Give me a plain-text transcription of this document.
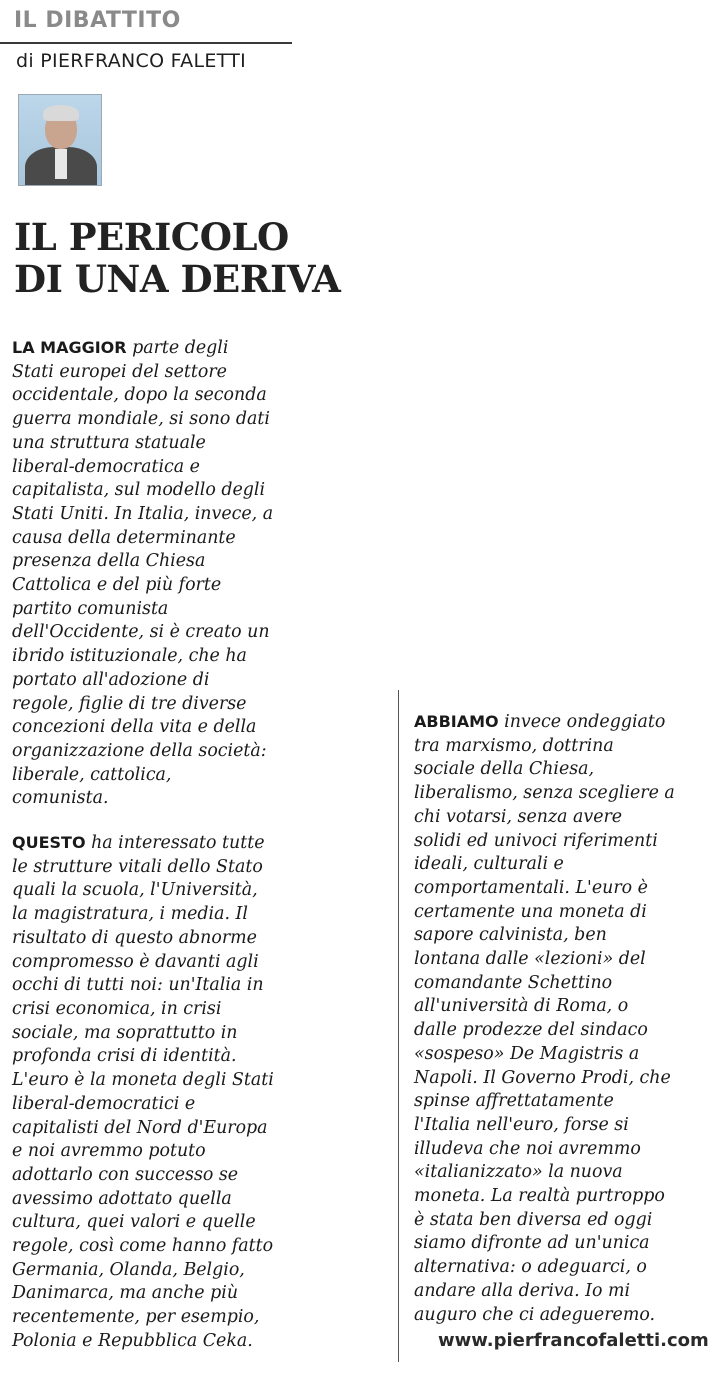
IL DIBATTITO
di PIERFRANCO FALETTI
IL PERICOLO
DI UNA DERIVA
LA MAGGIOR parte degli
Stati europei del settore
occidentale, dopo la seconda
guerra mondiale, si sono dati
una struttura statuale
liberal-democratica e
capitalista, sul modello degli
Stati Uniti. In Italia, invece, a
causa della determinante
presenza della Chiesa
Cattolica e del più forte
partito comunista
dell'Occidente, si è creato un
ibrido istituzionale, che ha
portato all'adozione di
regole, figlie di tre diverse
concezioni della vita e della
organizzazione della società:
liberale, cattolica,
comunista.
QUESTO ha interessato tutte
le strutture vitali dello Stato
quali la scuola, l'Università,
la magistratura, i media. Il
risultato di questo abnorme
compromesso è davanti agli
occhi di tutti noi: un'Italia in
crisi economica, in crisi
sociale, ma soprattutto in
profonda crisi di identità.
L'euro è la moneta degli Stati
liberal-democratici e
capitalisti del Nord d'Europa
e noi avremmo potuto
adottarlo con successo se
avessimo adottato quella
cultura, quei valori e quelle
regole, così come hanno fatto
Germania, Olanda, Belgio,
Danimarca, ma anche più
recentemente, per esempio,
Polonia e Repubblica Ceka.
ABBIAMO invece ondeggiato
tra marxismo, dottrina
sociale della Chiesa,
liberalismo, senza scegliere a
chi votarsi, senza avere
solidi ed univoci riferimenti
ideali, culturali e
comportamentali. L'euro è
certamente una moneta di
sapore calvinista, ben
lontana dalle «lezioni» del
comandante Schettino
all'università di Roma, o
dalle prodezze del sindaco
«sospeso» De Magistris a
Napoli. Il Governo Prodi, che
spinse affrettatamente
l'Italia nell'euro, forse si
illudeva che noi avremmo
«italianizzato» la nuova
moneta. La realtà purtroppo
è stata ben diversa ed oggi
siamo difronte ad un'unica
alternativa: o adeguarci, o
andare alla deriva. Io mi
auguro che ci adegueremo.
www.pierfrancofaletti.com
